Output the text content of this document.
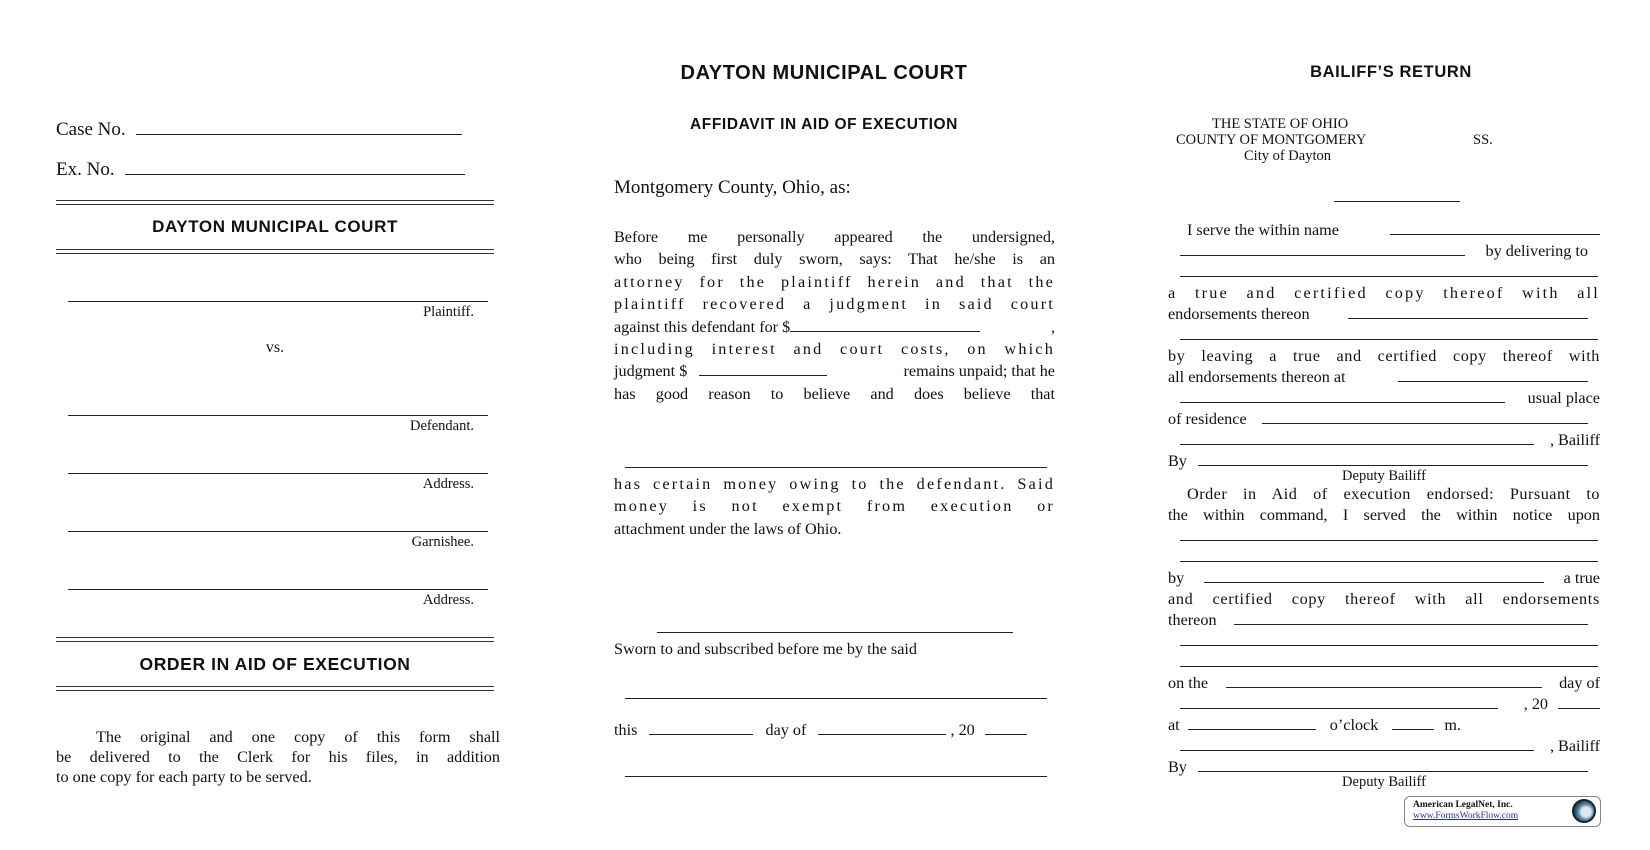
Case No.
Ex. No.
DAYTON MUNICIPAL COURT
Plaintiff.
vs.
Defendant.
Address.
Garnishee.
Address.
ORDER IN AID OF EXECUTION
The original and one copy of this form shall
be delivered to the Clerk for his files, in addition
to one copy for each party to be served.
DAYTON MUNICIPAL COURT
AFFIDAVIT IN AID OF EXECUTION
Montgomery County, Ohio, as:
Before me personally appeared the undersigned,
who being first duly sworn, says: That he/she is an
attorney for the plaintiff herein and that the
plaintiff recovered a judgment in said court
against this defendant for $	,
including interest and court costs, on which
judgment $	remains unpaid; that he
has good reason to believe and does believe that
has certain money owing to the defendant. Said
money is not exempt from execution or
attachment under the laws of Ohio.
Sworn to and subscribed before me by the said
this	day of	, 20
BAILIFF’S RETURN
THE STATE OF OHIO
COUNTY OF MONTGOMERY
City of Dayton
SS.
I serve the within name
by delivering to
a true and certified copy thereof with all
endorsements thereon
by leaving a true and certified copy thereof with
all endorsements thereon at
usual place
of residence
, Bailiff
By
Deputy Bailiff
Order in Aid of execution endorsed: Pursuant to
the within command, I served the within notice upon
by	a true
and certified copy thereof with all endorsements
thereon
on the	day of
, 20
at	o’clock	m.
, Bailiff
By
Deputy Bailiff
American LegalNet, Inc.
www.FormsWorkFlow.com
